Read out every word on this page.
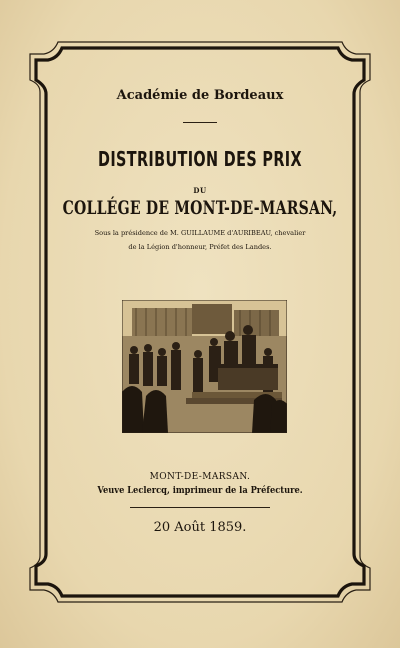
Académie de Bordeaux
DISTRIBUTION DES PRIX
DU
COLLÉGE DE MONT-DE-MARSAN,
Sous la présidence de M. GUILLAUME d'AURIBEAU, chevalier
de la Légion d'honneur, Préfet des Landes.
MONT-DE-MARSAN.
Veuve Leclercq, imprimeur de la Préfecture.
20 Août 1859.
